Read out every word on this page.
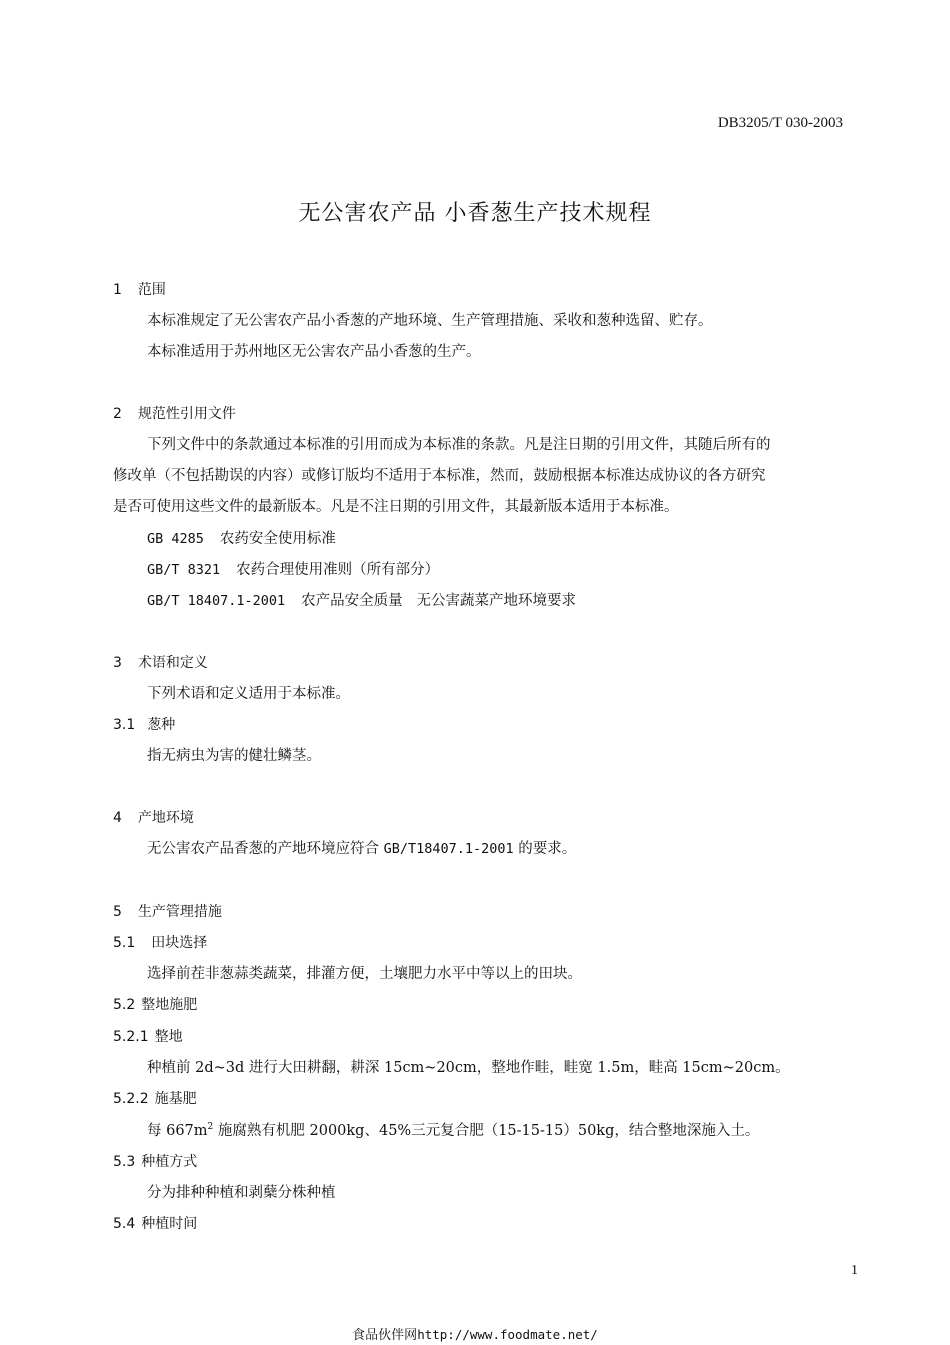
DB3205/T 030-2003
无公害农产品 小香葱生产技术规程
1 范围
本标准规定了无公害农产品小香葱的产地环境、生产管理措施、采收和葱种选留、贮存。
本标准适用于苏州地区无公害农产品小香葱的生产。
2 规范性引用文件
下列文件中的条款通过本标准的引用而成为本标准的条款。凡是注日期的引用文件，其随后所有的
修改单（不包括勘误的内容）或修订版均不适用于本标准，然而，鼓励根据本标准达成协议的各方研究
是否可使用这些文件的最新版本。凡是不注日期的引用文件，其最新版本适用于本标准。
GB 4285 农药安全使用标准
GB/T 8321 农药合理使用准则（所有部分）
GB/T 18407.1-2001 农产品安全质量   无公害蔬菜产地环境要求
3 术语和定义
下列术语和定义适用于本标准。
3.1 葱种
指无病虫为害的健壮鳞茎。
4 产地环境
无公害农产品香葱的产地环境应符合 GB/T18407.1-2001 的要求。
5 生产管理措施
5.1 田块选择
选择前茬非葱蒜类蔬菜，排灌方便，土壤肥力水平中等以上的田块。
5.2 整地施肥
5.2.1 整地
种植前 2d~3d 进行大田耕翻，耕深 15cm~20cm，整地作畦，畦宽 1.5m，畦高 15cm~20cm。
5.2.2 施基肥
每 $667m^2$ 施腐熟有机肥 2000kg、45%三元复合肥（15-15-15）50kg，结合整地深施入土。
5.3 种植方式
分为排种种植和剥蘖分株种植
5.4 种植时间
1
食品伙伴网http://www.foodmate.net/
